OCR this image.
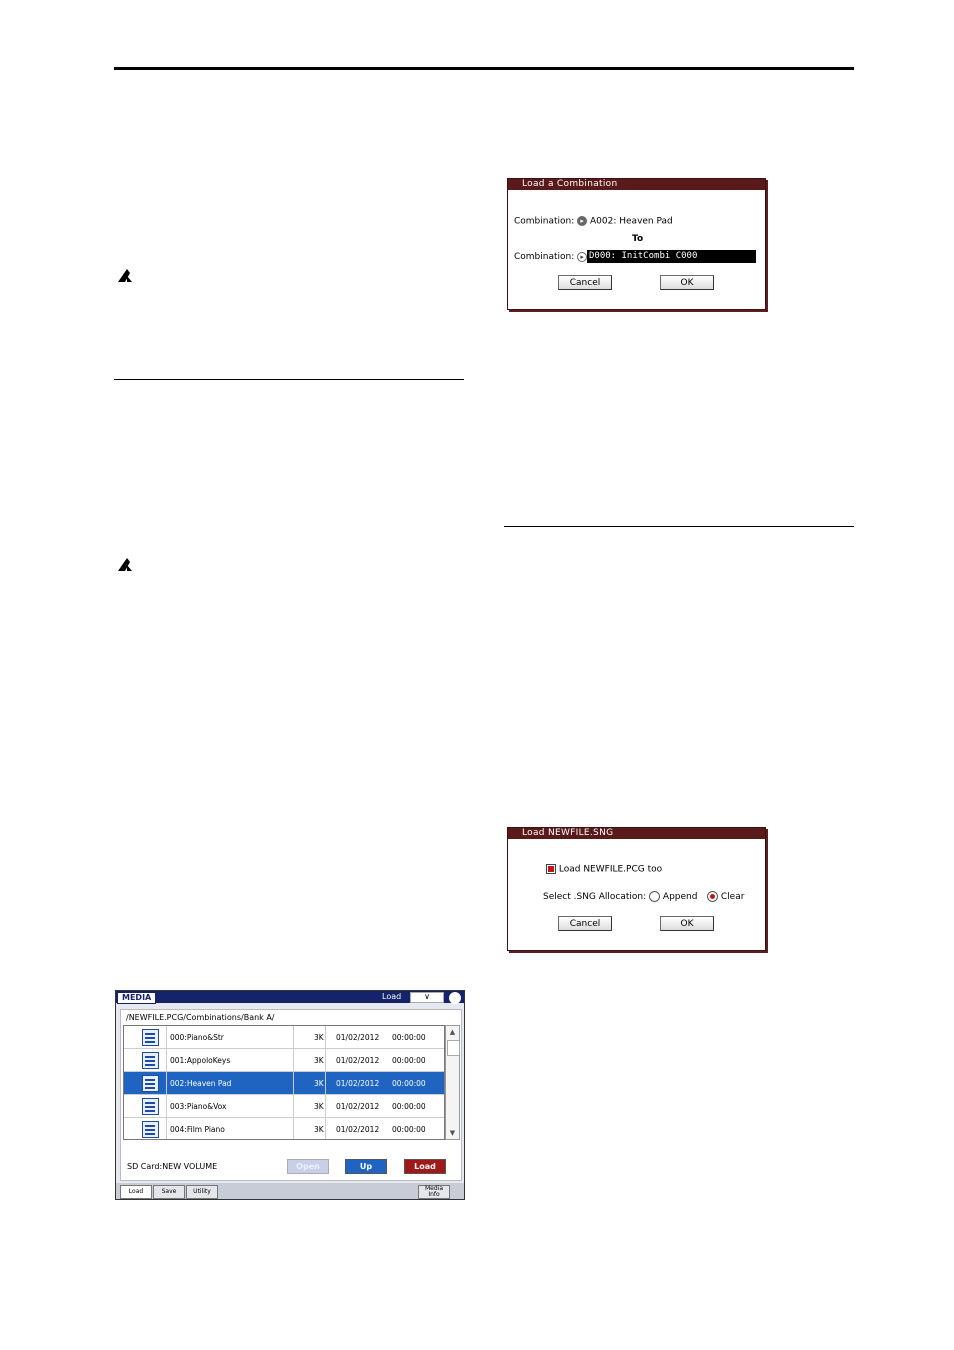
Load a Combination
Combination: ▸ A002: Heaven Pad
To
Combination: ▸ D000: InitCombi C000
Cancel	OK
Load NEWFILE.SNG
Load NEWFILE.PCG too
Select .SNG Allocation: Append	Clear
Cancel	OK
MEDIA	Load	∨
/NEWFILE.PCG/Combinations/Bank A/
000:Piano&Str	3K 01/02/2012 00:00:00
001:AppoloKeys	3K 01/02/2012 00:00:00
002:Heaven Pad	3K 01/02/2012 00:00:00
003:Piano&Vox	3K 01/02/2012 00:00:00
004:Film Piano	3K 01/02/2012 00:00:00
▲
▼
SD Card:NEW VOLUME	Open	Up	Load
Load	Save	Utility	Media
Info
